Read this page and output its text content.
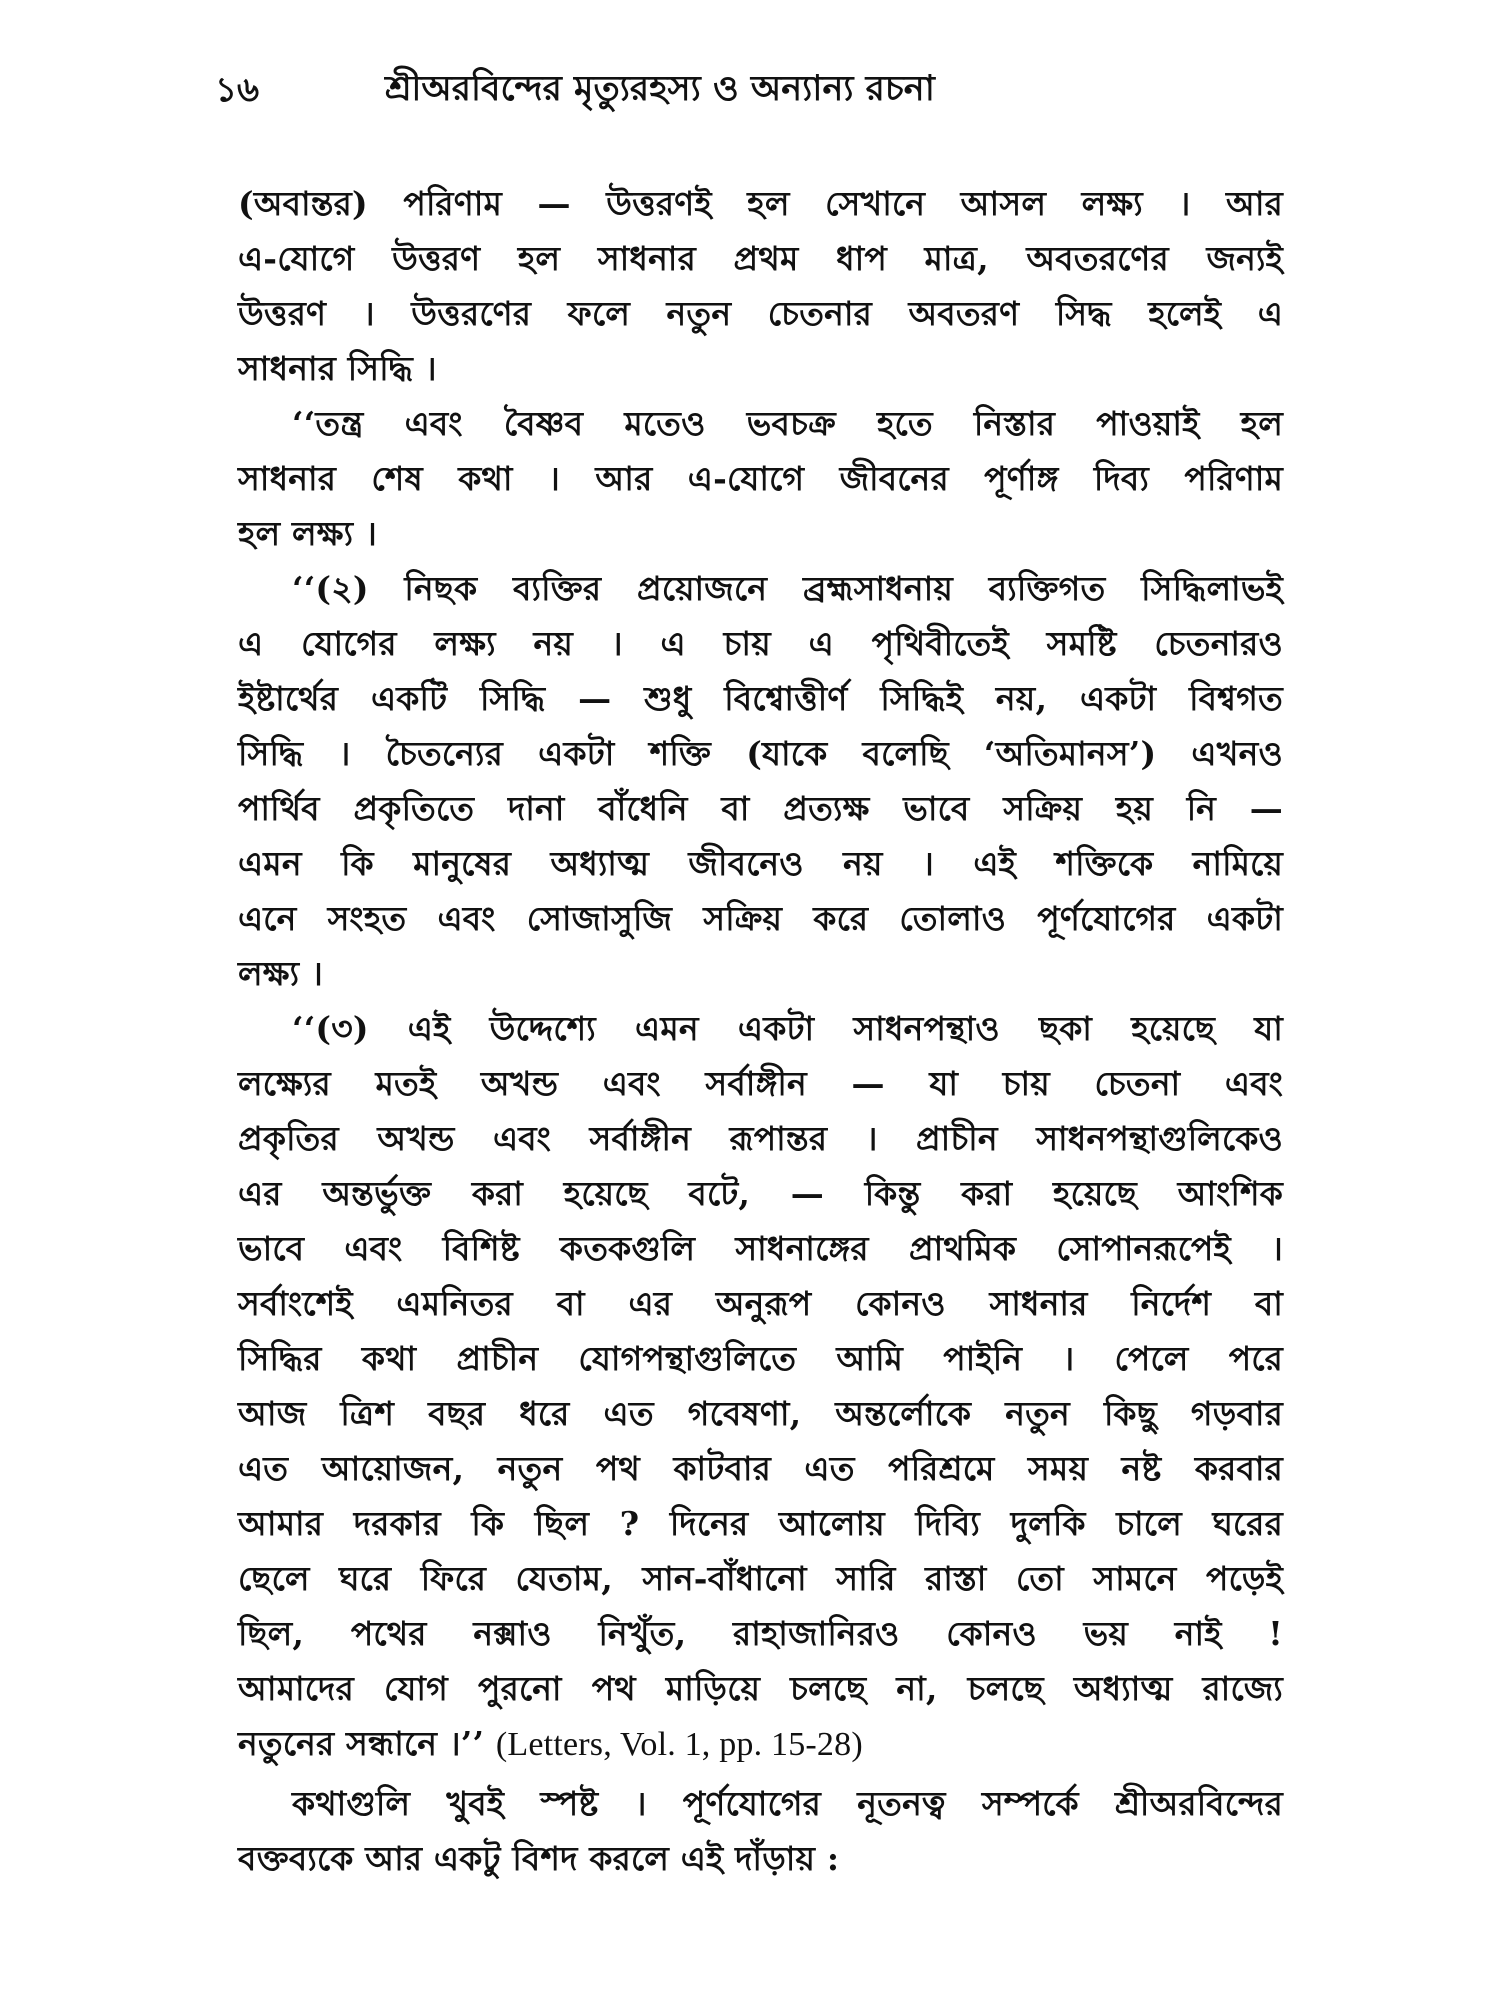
১৬	শ্রীঅরবিন্দের মৃত্যুরহস্য ও অন্যান্য রচনা
(অবান্তর) পরিণাম — উত্তরণই হল সেখানে আসল লক্ষ্য । আর
এ-যোগে উত্তরণ হল সাধনার প্রথম ধাপ মাত্র, অবতরণের জন্যই
উত্তরণ । উত্তরণের ফলে নতুন চেতনার অবতরণ সিদ্ধ হলেই এ
সাধনার সিদ্ধি ।
‘‘তন্ত্র এবং বৈষ্ণব মতেও ভবচক্র হতে নিস্তার পাওয়াই হল
সাধনার শেষ কথা । আর এ-যোগে জীবনের পূর্ণাঙ্গ দিব্য পরিণাম
হল লক্ষ্য ।
‘‘(২) নিছক ব্যক্তির প্রয়োজনে ব্রহ্মসাধনায় ব্যক্তিগত সিদ্ধিলাভই
এ যোগের লক্ষ্য নয় । এ চায় এ পৃথিবীতেই সমষ্টি চেতনারও
ইষ্টার্থের একটি সিদ্ধি — শুধু বিশ্বোত্তীর্ণ সিদ্ধিই নয়, একটা বিশ্বগত
সিদ্ধি । চৈতন্যের একটা শক্তি (যাকে বলেছি ‘অতিমানস’) এখনও
পার্থিব প্রকৃতিতে দানা বাঁধেনি বা প্রত্যক্ষ ভাবে সক্রিয় হয় নি —
এমন কি মানুষের অধ্যাত্ম জীবনেও নয় । এই শক্তিকে নামিয়ে
এনে সংহত এবং সোজাসুজি সক্রিয় করে তোলাও পূর্ণযোগের একটা
লক্ষ্য ।
‘‘(৩) এই উদ্দেশ্যে এমন একটা সাধনপন্থাও ছকা হয়েছে যা
লক্ষ্যের মতই অখন্ড এবং সর্বাঙ্গীন — যা চায় চেতনা এবং
প্রকৃতির অখন্ড এবং সর্বাঙ্গীন রূপান্তর । প্রাচীন সাধনপন্থাগুলিকেও
এর অন্তর্ভুক্ত করা হয়েছে বটে, — কিন্তু করা হয়েছে আংশিক
ভাবে এবং বিশিষ্ট কতকগুলি সাধনাঙ্গের প্রাথমিক সোপানরূপেই ।
সর্বাংশেই এমনিতর বা এর অনুরূপ কোনও সাধনার নির্দেশ বা
সিদ্ধির কথা প্রাচীন যোগপন্থাগুলিতে আমি পাইনি । পেলে পরে
আজ ত্রিশ বছর ধরে এত গবেষণা, অন্তর্লোকে নতুন কিছু গড়বার
এত আয়োজন, নতুন পথ কাটবার এত পরিশ্রমে সময় নষ্ট করবার
আমার দরকার কি ছিল ? দিনের আলোয় দিব্যি দুলকি চালে ঘরের
ছেলে ঘরে ফিরে যেতাম, সান-বাঁধানো সারি রাস্তা তো সামনে পড়েই
ছিল, পথের নক্সাও নিখুঁত, রাহাজানিরও কোনও ভয় নাই !
আমাদের যোগ পুরনো পথ মাড়িয়ে চলছে না, চলছে অধ্যাত্ম রাজ্যে
নতুনের সন্ধানে ।’’ (Letters, Vol. 1, pp. 15-28)
কথাগুলি খুবই স্পষ্ট । পূর্ণযোগের নূতনত্ব সম্পর্কে শ্রীঅরবিন্দের
বক্তব্যকে আর একটু বিশদ করলে এই দাঁড়ায় :
